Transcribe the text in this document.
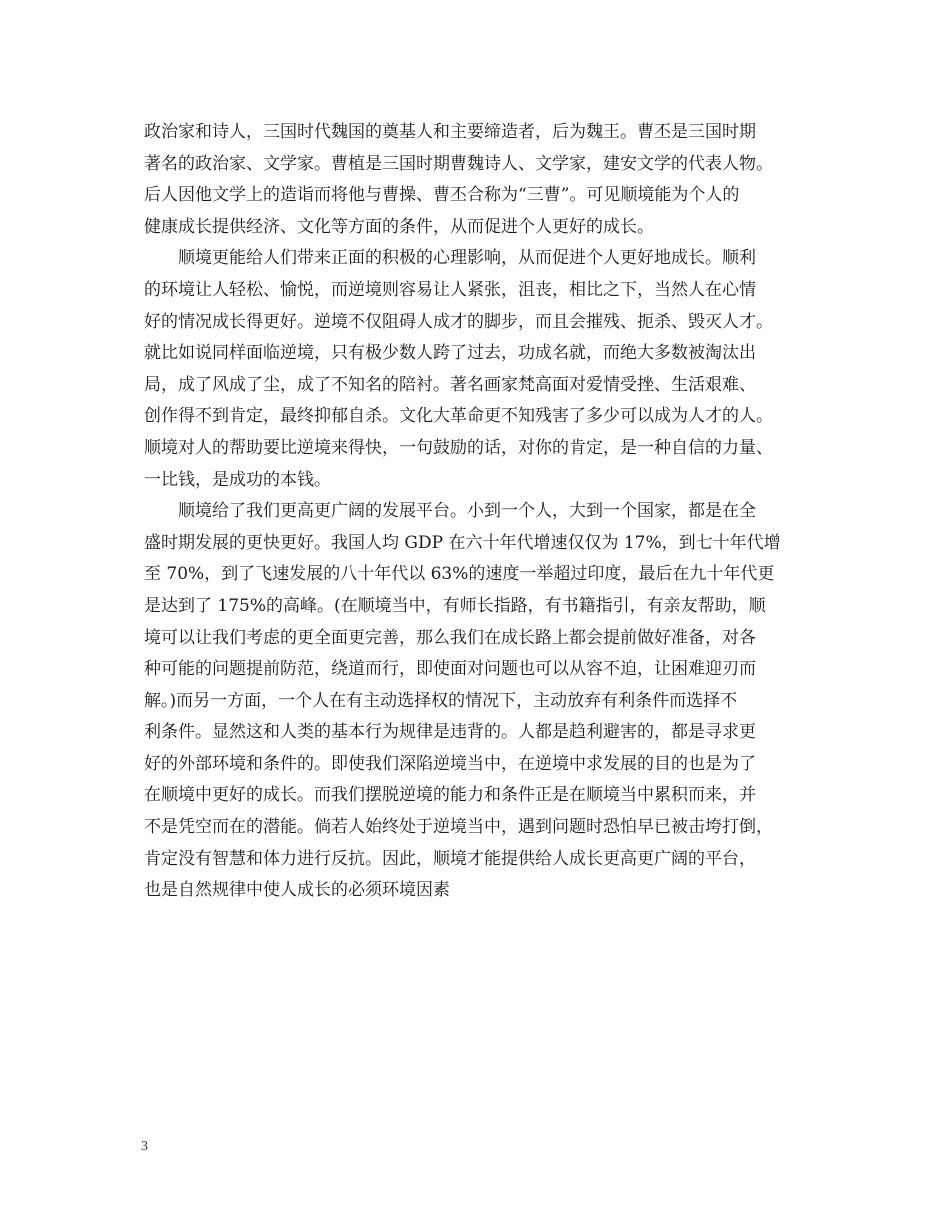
政治家和诗人，三国时代魏国的奠基人和主要缔造者，后为魏王。曹丕是三国时期
著名的政治家、文学家。曹植是三国时期曹魏诗人、文学家，建安文学的代表人物。
后人因他文学上的造诣而将他与曹操、曹丕合称为“三曹”。可见顺境能为个人的
健康成长提供经济、文化等方面的条件，从而促进个人更好的成长。
顺境更能给人们带来正面的积极的心理影响，从而促进个人更好地成长。顺利
的环境让人轻松、愉悦，而逆境则容易让人紧张，沮丧，相比之下，当然人在心情
好的情况成长得更好。逆境不仅阻碍人成才的脚步，而且会摧残、扼杀、毁灭人才。
就比如说同样面临逆境，只有极少数人跨了过去，功成名就，而绝大多数被淘汰出
局，成了风成了尘，成了不知名的陪衬。著名画家梵高面对爱情受挫、生活艰难、
创作得不到肯定，最终抑郁自杀。文化大革命更不知残害了多少可以成为人才的人。
顺境对人的帮助要比逆境来得快，一句鼓励的话，对你的肯定，是一种自信的力量、
一比钱，是成功的本钱。
顺境给了我们更高更广阔的发展平台。小到一个人，大到一个国家，都是在全
盛时期发展的更快更好。我国人均 GDP 在六十年代增速仅仅为 17%，到七十年代增
至 70%，到了飞速发展的八十年代以 63%的速度一举超过印度，最后在九十年代更
是达到了 175%的高峰。(在顺境当中，有师长指路，有书籍指引，有亲友帮助，顺
境可以让我们考虑的更全面更完善，那么我们在成长路上都会提前做好准备，对各
种可能的问题提前防范，绕道而行，即使面对问题也可以从容不迫，让困难迎刃而
解。)而另一方面，一个人在有主动选择权的情况下，主动放弃有利条件而选择不
利条件。显然这和人类的基本行为规律是违背的。人都是趋利避害的，都是寻求更
好的外部环境和条件的。即使我们深陷逆境当中，在逆境中求发展的目的也是为了
在顺境中更好的成长。而我们摆脱逆境的能力和条件正是在顺境当中累积而来，并
不是凭空而在的潜能。倘若人始终处于逆境当中，遇到问题时恐怕早已被击垮打倒，
肯定没有智慧和体力进行反抗。因此，顺境才能提供给人成长更高更广阔的平台，
也是自然规律中使人成长的必须环境因素
3
